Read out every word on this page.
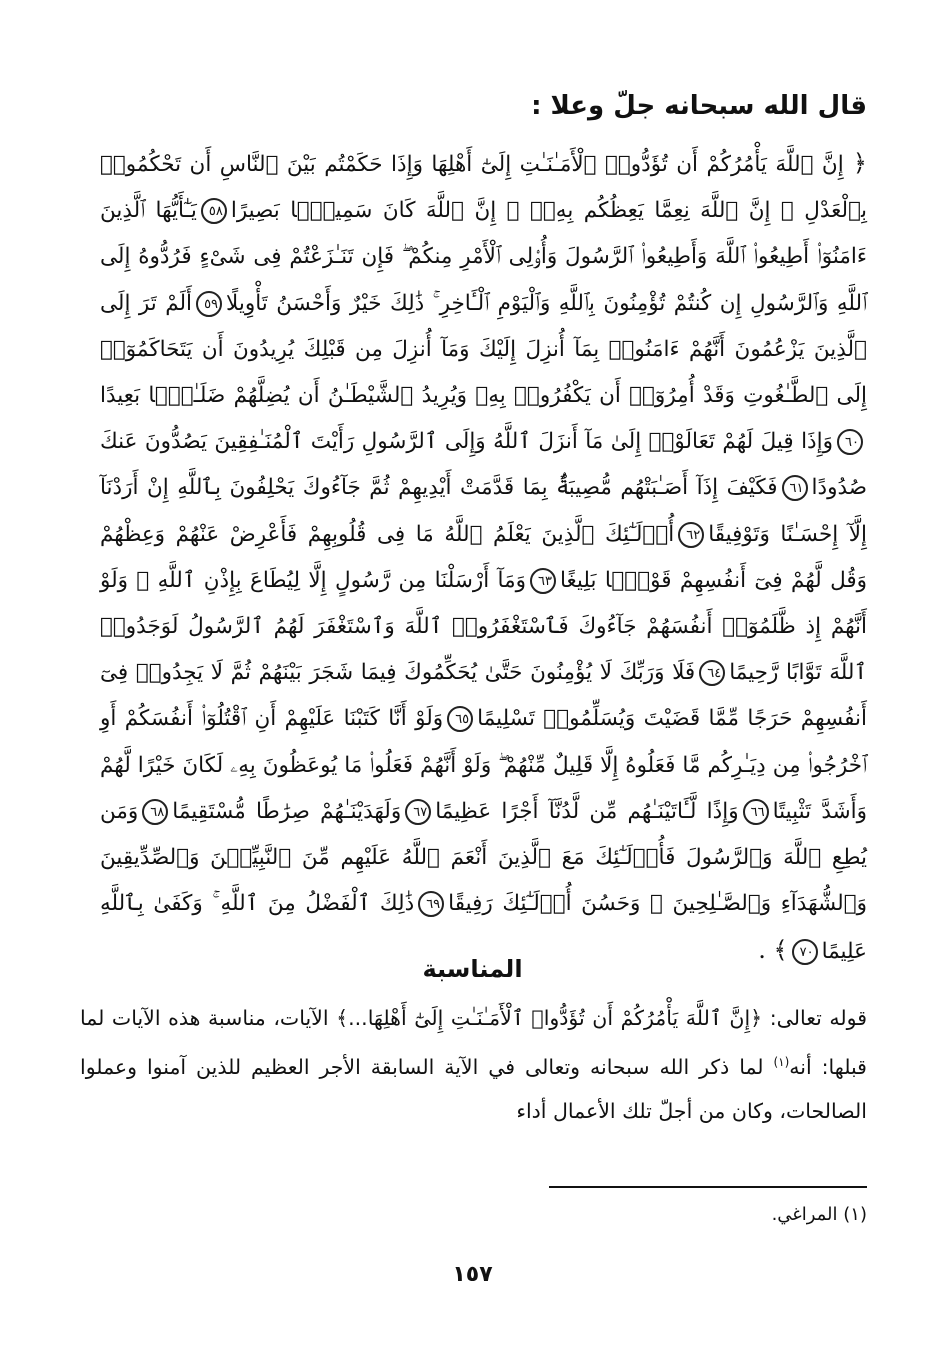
قال الله سبحانه جلّ وعلا :
﴿ إِنَّ ٱللَّهَ يَأْمُرُكُمْ أَن تُؤَدُّوا۟ ٱلْأَمَـٰنَـٰتِ إِلَىٰٓ أَهْلِهَا وَإِذَا حَكَمْتُم بَيْنَ ٱلنَّاسِ أَن تَحْكُمُوا۟ بِٱلْعَدْلِ ۚ إِنَّ ٱللَّهَ نِعِمَّا يَعِظُكُم بِهِۦٓ ۗ إِنَّ ٱللَّهَ كَانَ سَمِيعًۢا بَصِيرًا٥٨يَـٰٓأَيُّهَا ٱلَّذِينَ ءَامَنُوٓا۟ أَطِيعُوا۟ ٱللَّهَ وَأَطِيعُوا۟ ٱلرَّسُولَ وَأُو۟لِى ٱلْأَمْرِ مِنكُمْ ۖ فَإِن تَنَـٰزَعْتُمْ فِى شَىْءٍ فَرُدُّوهُ إِلَى ٱللَّهِ وَٱلرَّسُولِ إِن كُنتُمْ تُؤْمِنُونَ بِٱللَّهِ وَٱلْيَوْمِ ٱلْـَٔاخِرِ ۚ ذَٰلِكَ خَيْرٌ وَأَحْسَنُ تَأْوِيلًا٥٩أَلَمْ تَرَ إِلَى ٱلَّذِينَ يَزْعُمُونَ أَنَّهُمْ ءَامَنُوا۟ بِمَآ أُنزِلَ إِلَيْكَ وَمَآ أُنزِلَ مِن قَبْلِكَ يُرِيدُونَ أَن يَتَحَاكَمُوٓا۟ إِلَى ٱلطَّـٰغُوتِ وَقَدْ أُمِرُوٓا۟ أَن يَكْفُرُوا۟ بِهِۦ وَيُرِيدُ ٱلشَّيْطَـٰنُ أَن يُضِلَّهُمْ ضَلَـٰلًۢا بَعِيدًا٦٠وَإِذَا قِيلَ لَهُمْ تَعَالَوْا۟ إِلَىٰ مَآ أَنزَلَ ٱللَّهُ وَإِلَى ٱلرَّسُولِ رَأَيْتَ ٱلْمُنَـٰفِقِينَ يَصُدُّونَ عَنكَ صُدُودًا٦١فَكَيْفَ إِذَآ أَصَـٰبَتْهُم مُّصِيبَةٌۢ بِمَا قَدَّمَتْ أَيْدِيهِمْ ثُمَّ جَآءُوكَ يَحْلِفُونَ بِٱللَّهِ إِنْ أَرَدْنَآ إِلَّآ إِحْسَـٰنًا وَتَوْفِيقًا٦٢أُو۟لَـٰٓئِكَ ٱلَّذِينَ يَعْلَمُ ٱللَّهُ مَا فِى قُلُوبِهِمْ فَأَعْرِضْ عَنْهُمْ وَعِظْهُمْ وَقُل لَّهُمْ فِىٓ أَنفُسِهِمْ قَوْلًۢا بَلِيغًا٦٣وَمَآ أَرْسَلْنَا مِن رَّسُولٍ إِلَّا لِيُطَاعَ بِإِذْنِ ٱللَّهِ ۚ وَلَوْ أَنَّهُمْ إِذ ظَّلَمُوٓا۟ أَنفُسَهُمْ جَآءُوكَ فَٱسْتَغْفَرُوا۟ ٱللَّهَ وَٱسْتَغْفَرَ لَهُمُ ٱلرَّسُولُ لَوَجَدُوا۟ ٱللَّهَ تَوَّابًا رَّحِيمًا٦٤فَلَا وَرَبِّكَ لَا يُؤْمِنُونَ حَتَّىٰ يُحَكِّمُوكَ فِيمَا شَجَرَ بَيْنَهُمْ ثُمَّ لَا يَجِدُوا۟ فِىٓ أَنفُسِهِمْ حَرَجًا مِّمَّا قَضَيْتَ وَيُسَلِّمُوا۟ تَسْلِيمًا٦٥وَلَوْ أَنَّا كَتَبْنَا عَلَيْهِمْ أَنِ ٱقْتُلُوٓا۟ أَنفُسَكُمْ أَوِ ٱخْرُجُوا۟ مِن دِيَـٰرِكُم مَّا فَعَلُوهُ إِلَّا قَلِيلٌ مِّنْهُمْ ۖ وَلَوْ أَنَّهُمْ فَعَلُوا۟ مَا يُوعَظُونَ بِهِۦ لَكَانَ خَيْرًا لَّهُمْ وَأَشَدَّ تَثْبِيتًا٦٦وَإِذًا لَّـَٔاتَيْنَـٰهُم مِّن لَّدُنَّآ أَجْرًا عَظِيمًا٦٧وَلَهَدَيْنَـٰهُمْ صِرَٰطًا مُّسْتَقِيمًا٦٨وَمَن يُطِعِ ٱللَّهَ وَٱلرَّسُولَ فَأُو۟لَـٰٓئِكَ مَعَ ٱلَّذِينَ أَنْعَمَ ٱللَّهُ عَلَيْهِم مِّنَ ٱلنَّبِيِّـۧنَ وَٱلصِّدِّيقِينَ وَٱلشُّهَدَآءِ وَٱلصَّـٰلِحِينَ ۚ وَحَسُنَ أُو۟لَـٰٓئِكَ رَفِيقًا٦٩ذَٰلِكَ ٱلْفَضْلُ مِنَ ٱللَّهِ ۚ وَكَفَىٰ بِٱللَّهِ عَلِيمًا٧٠﴾ .
المناسبة
قوله تعالى: ﴿إِنَّ ٱللَّهَ يَأْمُرُكُمْ أَن تُؤَدُّوا۟ ٱلْأَمَـٰنَـٰتِ إِلَىٰٓ أَهْلِهَا...﴾ الآيات، مناسبة هذه الآيات لما قبلها: أنه$^{(١)}$ لما ذكر الله سبحانه وتعالى في الآية السابقة الأجر العظيم للذين آمنوا وعملوا الصالحات، وكان من أجلّ تلك الأعمال أداء
(١) المراغي.
١٥٧
